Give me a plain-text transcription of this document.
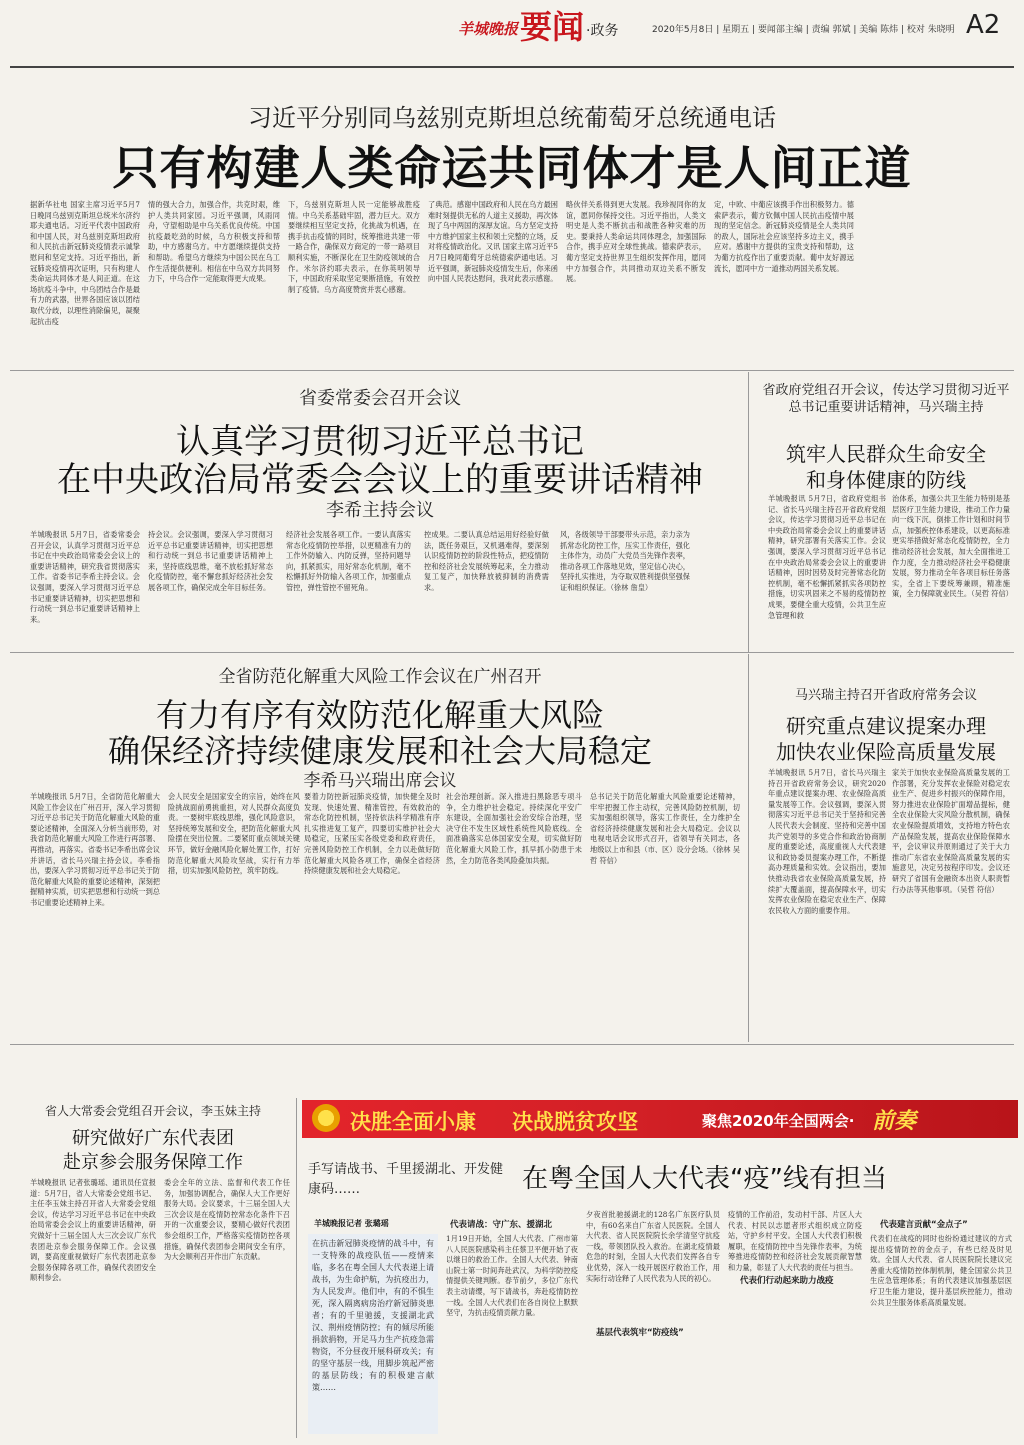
羊城晚报 要闻 ·政务	2020年5月8日 | 星期五 | 要闻部主编 | 责编 郭斌 | 美编 陈炜 | 校对 朱晓明 A2
习近平分别同乌兹别克斯坦总统葡萄牙总统通电话
只有构建人类命运共同体才是人间正道
据新华社电 国家主席习近平5月7日晚同乌兹别克斯坦总统米尔济约耶夫通电话。习近平代表中国政府和中国人民，对乌兹别克斯坦政府和人民抗击新冠肺炎疫情表示诚挚慰问和坚定支持。习近平指出，新冠肺炎疫情再次证明，只有构建人类命运共同体才是人间正道。在这场抗疫斗争中，中乌团结合作是最有力的武器，世界各国应该以团结取代分歧，以理性消除偏见，凝聚起抗击疫
情的强大合力，加强合作，共克时艰，维护人类共同家园。习近平强调，风雨同舟，守望相助是中乌关系优良传统。中国抗疫最吃劲的时候，乌方积极支持和帮助，中方感谢乌方。中方愿继续提供支持和帮助。希望乌方继续为中国公民在乌工作生活提供便利。相信在中乌双方共同努力下，中乌合作一定能取得更大成果。
下，乌兹别克斯坦人民一定能够战胜疫情。中乌关系基础牢固，潜力巨大。双方要继续相互坚定支持，化挑战为机遇，在携手抗击疫情的同时，统筹推进共建一带一路合作，确保双方商定的一带一路项目顺利实施，不断深化在卫生防疫领域的合作。米尔济约耶夫表示，在你英明领导下，中国政府采取坚定果断措施，有效控制了疫情。乌方高度赞赏并衷心感谢。
了典范。感谢中国政府和人民在乌方最困难时刻提供无私的人道主义援助，再次体现了乌中两国的深厚友谊。乌方坚定支持中方维护国家主权和领土完整的立场，反对将疫情政治化。又讯 国家主席习近平5月7日晚同葡萄牙总统德索萨通电话。习近平强调，新冠肺炎疫情发生后，你来函向中国人民表达慰问，我对此表示感谢。
略伙伴关系得到更大发展。我珍视同你的友谊，愿同你保持交往。习近平指出，人类文明史是人类不断抗击和战胜各种灾难的历史。要秉持人类命运共同体理念，加强国际合作，携手应对全球性挑战。德索萨表示，葡方坚定支持世界卫生组织发挥作用，愿同中方加强合作，共同推动双边关系不断发展。
定，中欧、中葡应该携手作出积极努力。德索萨表示，葡方钦佩中国人民抗击疫情中展现的坚定信念。新冠肺炎疫情是全人类共同的敌人，国际社会应该坚持多边主义，携手应对。感谢中方提供的宝贵支持和帮助，这为葡方抗疫作出了重要贡献。葡中友好源远流长，愿同中方一道推动两国关系发展。
省委常委会召开会议
认真学习贯彻习近平总书记
在中央政治局常委会会议上的重要讲话精神
李希主持会议
羊城晚报讯 5月7日，省委常委会召开会议，认真学习贯彻习近平总书记在中央政治局常委会会议上的重要讲话精神，研究我省贯彻落实工作。省委书记李希主持会议。会议强调，要深入学习贯彻习近平总书记重要讲话精神，切实把思想和行动统一到总书记重要讲话精神上来。
持会议。会议强调，要深入学习贯彻习近平总书记重要讲话精神，切实把思想和行动统一到总书记重要讲话精神上来，坚持底线思维，毫不放松抓好常态化疫情防控，毫不懈怠抓好经济社会发展各项工作，确保完成全年目标任务。
经济社会发展各项工作。一要认真落实常态化疫情防控举措，以更精准有力的工作外防输入、内防反弹，坚持问题导向，抓紧抓实，用好常态化机制，毫不松懈抓好外防输入各项工作，加强重点管控，弹性管控不留死角。
控成果。二要认真总结运用好经验好做法，既任务艰巨，又机遇难得，要深刻认识疫情防控的阶段性特点，把疫情防控和经济社会发展统筹起来，全力推动复工复产，加快释放被抑制的消费需求。
风，各级领导干部要带头示范，亲力亲为抓常态化防控工作，压实工作责任，强化主体作为，动员广大党员当先锋作表率，推动各项工作落地见效，坚定信心决心，坚持扎实推进，为夺取双胜利提供坚强保证和组织保证。（徐林 詹皇）
省政府党组召开会议，传达学习贯彻习近平总书记重要讲话精神，马兴瑞主持
筑牢人民群众生命安全
和身体健康的防线
羊城晚报讯 5月7日，省政府党组书记、省长马兴瑞主持召开省政府党组会议，传达学习贯彻习近平总书记在中央政治局常委会会议上的重要讲话精神，研究部署有关落实工作。会议强调，要深入学习贯彻习近平总书记在中央政治局常委会会议上的重要讲话精神，因时因势及时完善常态化防控机制，毫不松懈抓紧抓实各项防控措施，切实巩固来之不易的疫情防控成果，要健全重大疫情，公共卫生应急管理和救
治体系，加强公共卫生能力特别是基层医疗卫生能力建设，推动工作力量向一线下沉，倒排工作计划和时间节点，加强疾控体系建设，以更高标准更实举措做好常态化疫情防控，全力推动经济社会发展，加大全面推进工作力度，全力推动经济社会平稳健康发展，努力推动全年各项目标任务落实，全省上下要统筹兼顾，精准施策，全力保障就业民生。（吴哲 符信）
全省防范化解重大风险工作会议在广州召开
有力有序有效防范化解重大风险
确保经济持续健康发展和社会大局稳定
李希马兴瑞出席会议
羊城晚报讯 5月7日，全省防范化解重大风险工作会议在广州召开，深入学习贯彻习近平总书记关于防范化解重大风险的重要论述精神，全面深入分析当前形势，对我省防范化解重大风险工作进行再部署、再推动，再落实。省委书记李希出席会议并讲话，省长马兴瑞主持会议。李希指出，要深入学习贯彻习近平总书记关于防范化解重大风险的重要论述精神，深刻把握精神实质，切实把思想和行动统一到总书记重要论述精神上来。
会人民安全是国家安全的宗旨，始终在风险挑战面前勇挑重担，对人民群众高度负责。一要树牢底线思维，强化风险意识，坚持统筹发展和安全，把防范化解重大风险摆在突出位置。二要紧盯重点领域关键环节，做好金融风险化解处置工作，打好防范化解重大风险攻坚战，实行有力举措，切实加强风险防控，筑牢防线。
要着力防控新冠肺炎疫情，加快健全及时发现、快速处置、精准管控，有效救治的常态化防控机制，坚持依法科学精准有序扎实推进复工复产，四要切实维护社会大局稳定，压紧压实各级党委和政府责任，完善风险防控工作机制，全力以赴做好防范化解重大风险各项工作，确保全省经济持续健康发展和社会大局稳定。
社会治理创新。深入推进扫黑除恶专项斗争，全力维护社会稳定。持续深化平安广东建设，全面加强社会治安综合治理，坚决守住不发生区域性系统性风险底线。全面准确落实总体国家安全观，切实做好防范化解重大风险工作，抓早抓小防患于未然，全力防范各类风险叠加共振。
总书记关于防范化解重大风险重要论述精神，牢牢把握工作主动权，完善风险防控机制，切实加强组织领导，落实工作责任，全力维护全省经济持续健康发展和社会大局稳定。会议以电视电话会议形式召开，省领导有关同志，各地级以上市和县（市、区）设分会场。（徐林 吴哲 符信）
马兴瑞主持召开省政府常务会议
研究重点建议提案办理
加快农业保险高质量发展
羊城晚报讯 5月7日，省长马兴瑞主持召开省政府常务会议，研究2020年重点建议提案办理、农业保险高质量发展等工作。会议强调，要深入贯彻落实习近平总书记关于坚持和完善人民代表大会制度、坚持和完善中国共产党领导的多党合作和政治协商制度的重要论述，高度重视人大代表建议和政协委员提案办理工作，不断提高办理质量和实效。会议指出，要加快推动我省农业保险高质量发展，持续扩大覆盖面，提高保障水平，切实发挥农业保险在稳定农业生产、保障农民收入方面的重要作用。
家关于加快农业保险高质量发展的工作部署，充分发挥农业保险对稳定农业生产、促进乡村振兴的保障作用，努力推进农业保险扩面增品提标，健全农业保险大灾风险分散机制，确保农业保险提质增效，支持地方特色农产品保险发展，提高农业保险保障水平，会议审议并原则通过了关于大力推动广东省农业保险高质量发展的实施意见，决定另按程序印发。会议还研究了省国有金融资本出资人职责暂行办法等其他事项。（吴哲 符信）
省人大常委会党组召开会议，李玉妹主持
研究做好广东代表团
赴京参会服务保障工作
羊城晚报讯 记者张璐瑶、通讯员任宣报道：5月7日，省人大常委会党组书记、主任李玉妹主持召开省人大常委会党组会议，传达学习习近平总书记在中央政治局常委会会议上的重要讲话精神，研究做好十三届全国人大三次会议广东代表团赴京参会服务保障工作。会议强调，要高度重视做好广东代表团赴京参会服务保障各项工作，确保代表团安全顺利参会。
委会全年的立法、监督和代表工作任务，加强协调配合，确保人大工作更好服务大局。会议要求，十三届全国人大三次会议是在疫情防控常态化条件下召开的一次重要会议，要精心做好代表团参会组织工作，严格落实疫情防控各项措施，确保代表团参会期间安全有序，为大会顺利召开作出广东贡献。
决胜全面小康 决战脱贫攻坚	聚焦2020年全国两会· 前奏
手写请战书、千里援湖北、开发健康码……	在粤全国人大代表“疫”线有担当
羊城晚报记者 张璐瑶
在抗击新冠肺炎疫情的战斗中，有一支特殊的战疫队伍——疫情来临，多名在粤全国人大代表递上请战书，为生命护航，为抗疫出力，为人民发声。他们中，有的不惧生死，深入隔离病房治疗新冠肺炎患者；有的千里驰援，支援湖北武汉、荆州疫情防控；有的倾尽所能捐款捐物，开足马力生产抗疫急需物资，不分昼夜开展科研攻关；有的坚守基层一线，用脚步筑起严密的基层防线；有的积极建言献策……
代表请战：守广东、援湖北
1月19日开始，全国人大代表、广州市第八人民医院感染科主任蔡卫平便开始了夜以继日的救治工作。全国人大代表、钟南山院士第一时间奔赴武汉，为科学防控疫情提供关键判断。春节前夕，多位广东代表主动请缨，写下请战书，奔赴疫情防控一线。全国人大代表们在各自岗位上默默坚守，为抗击疫情贡献力量。
夕夜首批驰援湖北的128名广东医疗队员中，有60名来自广东省人民医院。全国人大代表、省人民医院院长余学清坚守抗疫一线，带领团队投入救治。在湖北疫情最危急的时刻，全国人大代表们发挥各自专业优势，深入一线开展医疗救治工作，用实际行动诠释了人民代表为人民的初心。
基层代表筑牢“防疫线”
疫情的工作前沿，发动村干部、片区人大代表、村民以志愿者形式组织成立防疫站，守护乡村平安。全国人大代表们积极履职，在疫情防控中当先锋作表率，为统筹推进疫情防控和经济社会发展贡献智慧和力量，彰显了人大代表的责任与担当。
代表们行动起来助力战疫
代表建言贡献“金点子”
代表们在战疫的同时也纷纷通过建议的方式提出疫情防控的金点子，有些已经及时见效。全国人大代表、省人民医院院长建议完善重大疫情防控体制机制，健全国家公共卫生应急管理体系；有的代表建议加强基层医疗卫生能力建设，提升基层疾控能力，推动公共卫生服务体系高质量发展。
